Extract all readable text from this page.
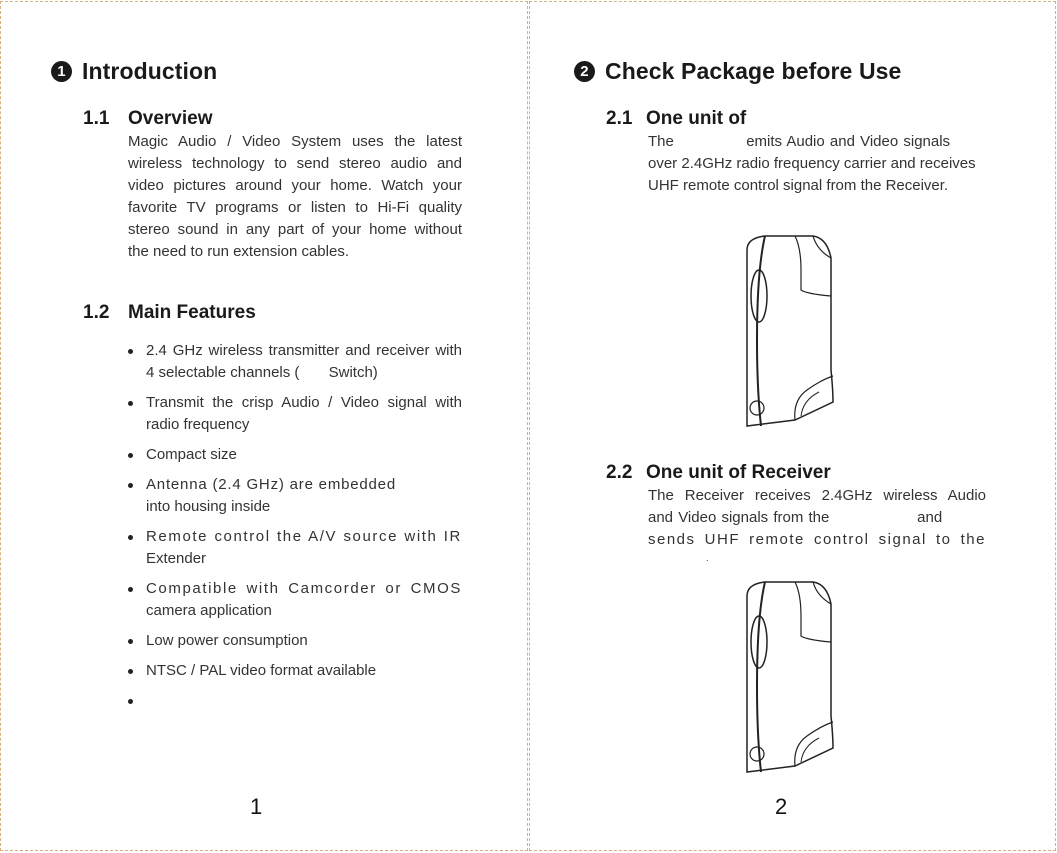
1 Introduction
1.1 Overview
Magic Audio / Video System uses the latest
wireless technology to send stereo audio and
video pictures around your home. Watch your
favorite TV programs or listen to Hi-Fi quality
stereo sound in any part of your home without
the need to run extension cables.
1.2 Main Features
2.4 GHz wireless transmitter and receiver with
4 selectable channels (       Switch)
Transmit the crisp Audio / Video signal with
radio frequency
Compact size
Antenna (2.4 GHz) are embedded
into housing inside
Remote control the A/V source with IR
Extender
Compatible with Camcorder or CMOS
camera application
Low power consumption
NTSC / PAL video format available
1
2 Check Package before Use
2.1 One unit of
The              emits Audio and Video signals
over 2.4GHz radio frequency carrier and receives
UHF remote control signal from the Receiver.
2.2 One unit of Receiver
The Receiver receives 2.4GHz wireless Audio
and Video signals from the                 and
sends UHF remote control signal to the
.
2
